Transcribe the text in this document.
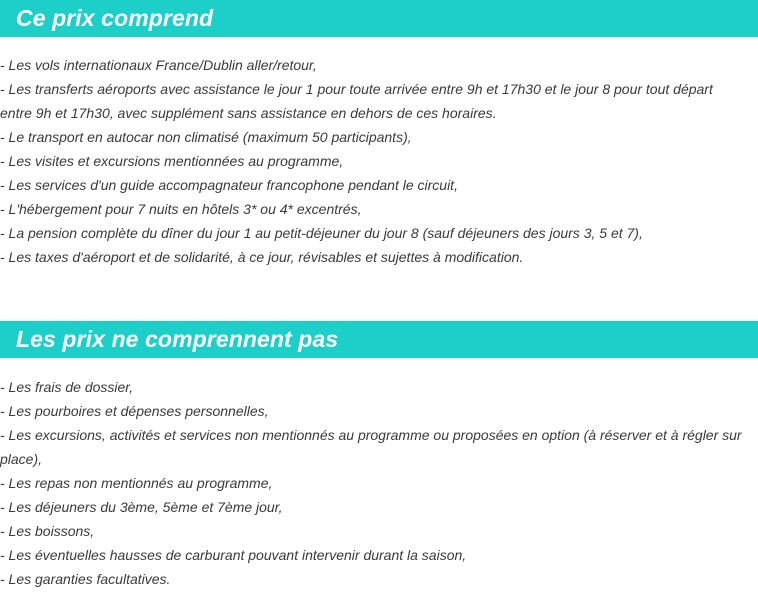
Ce prix comprend
- Les vols internationaux France/Dublin aller/retour,
- Les transferts aéroports avec assistance le jour 1 pour toute arrivée entre 9h et 17h30 et le jour 8 pour tout départ entre 9h et 17h30, avec supplément sans assistance en dehors de ces horaires.
- Le transport en autocar non climatisé (maximum 50 participants),
- Les visites et excursions mentionnées au programme,
- Les services d'un guide accompagnateur francophone pendant le circuit,
- L'hébergement pour 7 nuits en hôtels 3* ou 4* excentrés,
- La pension complète du dîner du jour 1 au petit-déjeuner du jour 8 (sauf déjeuners des jours 3, 5 et 7),
- Les taxes d'aéroport et de solidarité, à ce jour, révisables et sujettes à modification.
Les prix ne comprennent pas
- Les frais de dossier,
- Les pourboires et dépenses personnelles,
- Les excursions, activités et services non mentionnés au programme ou proposées en option (à réserver et à régler sur place),
- Les repas non mentionnés au programme,
- Les déjeuners du 3ème, 5ème et 7ème jour,
- Les boissons,
- Les éventuelles hausses de carburant pouvant intervenir durant la saison,
- Les garanties facultatives.
